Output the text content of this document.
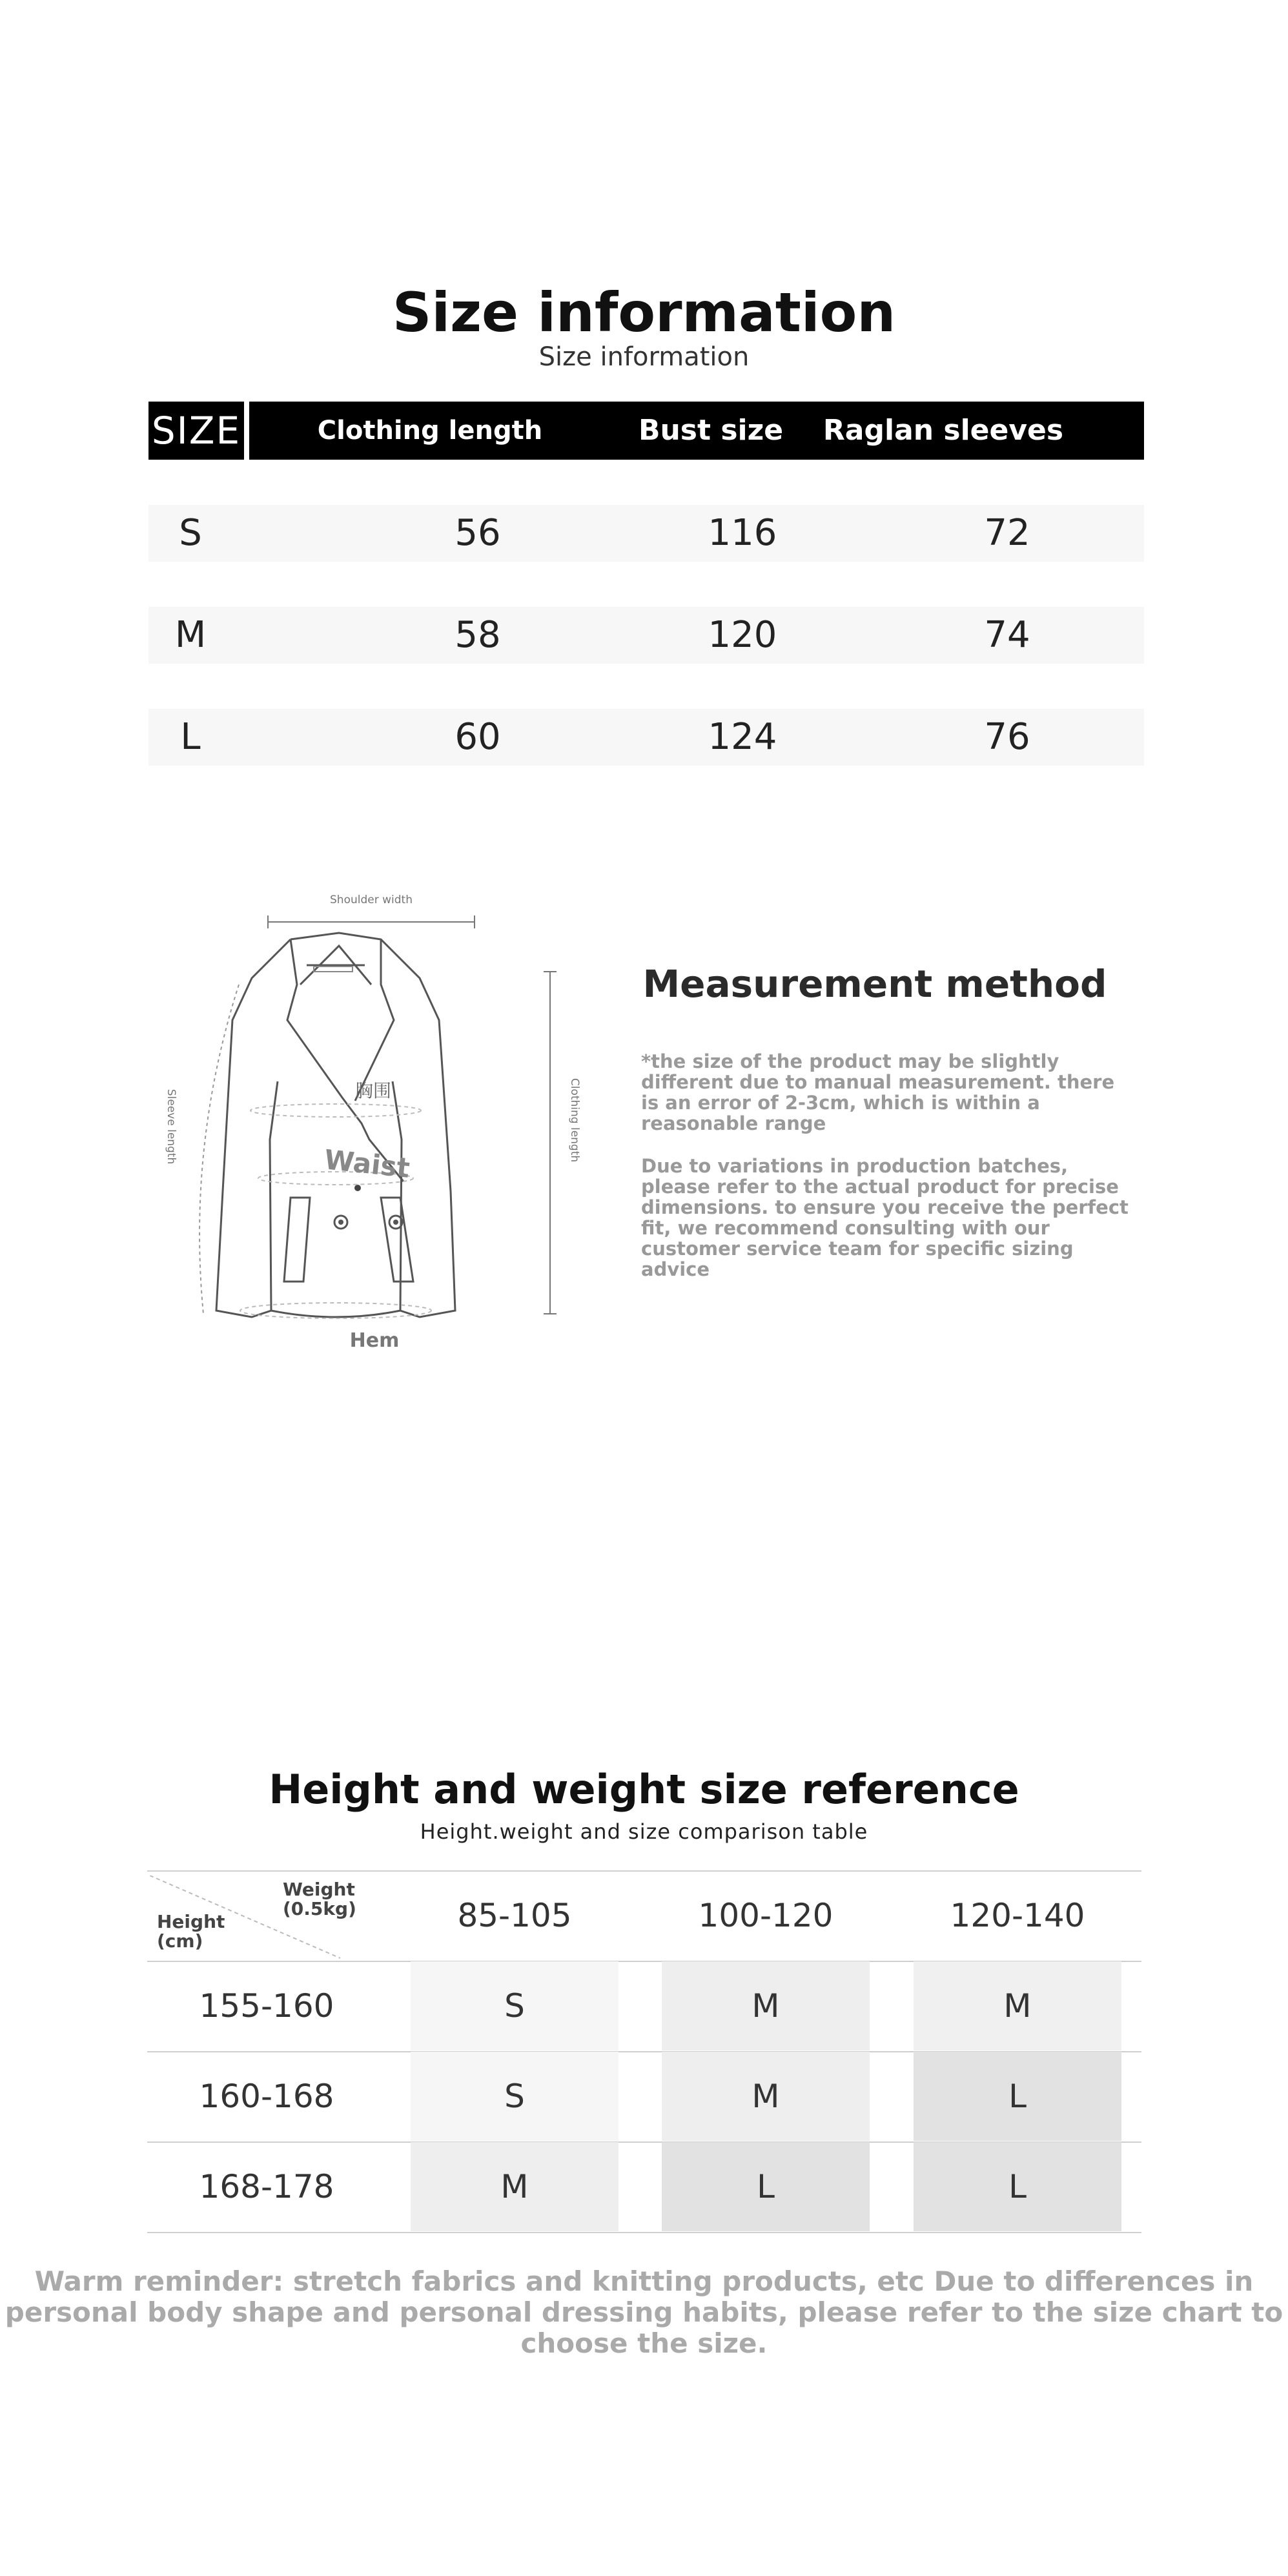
Size information
Size information
SIZE	Clothing length	Bust size	Raglan sleeves
S	56	116	72
M	58	120	74
L	60	124	76
Shoulder width
Clothing length
Sleeve length	胸围
Waist
Hem
Measurement method
*the size of the product may be slightly different due to manual measurement. there is an error of 2-3cm, which is within a reasonable range
Due to variations in production batches, please refer to the actual product for precise dimensions. to ensure you receive the perfect fit, we recommend consulting with our customer service team for specific sizing advice
Height and weight size reference
Height.weight and size comparison table
Weight (0.5kg)
Height (cm)
85-105	100-120	120-140
155-160	S	M	M
160-168	S	M	L
168-178	M	L	L
Warm reminder: stretch fabrics and knitting products, etc Due to differences in personal body shape and personal dressing habits, please refer to the size chart to choose the size.
